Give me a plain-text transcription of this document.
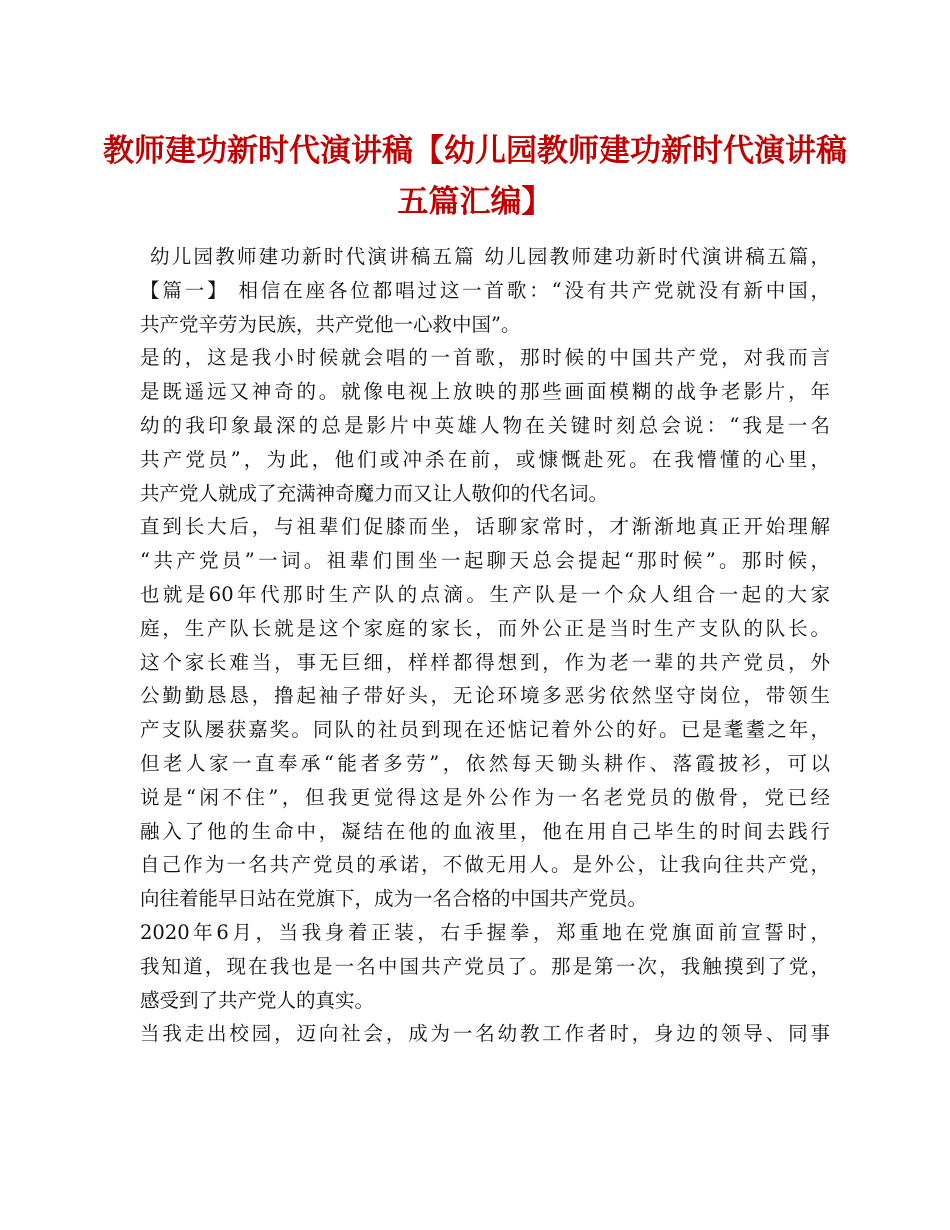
教师建功新时代演讲稿【幼儿园教师建功新时代演讲稿
五篇汇编】
幼儿园教师建功新时代演讲稿五篇 幼儿园教师建功新时代演讲稿五篇，
【篇一】 相信在座各位都唱过这一首歌：“没有共产党就没有新中国，
共产党辛劳为民族，共产党他一心救中国”。
是的，这是我小时候就会唱的一首歌，那时候的中国共产党，对我而言
是既遥远又神奇的。就像电视上放映的那些画面模糊的战争老影片，年
幼的我印象最深的总是影片中英雄人物在关键时刻总会说：“我是一名
共产党员”，为此，他们或冲杀在前，或慷慨赴死。在我懵懂的心里，
共产党人就成了充满神奇魔力而又让人敬仰的代名词。
直到长大后，与祖辈们促膝而坐，话聊家常时，才渐渐地真正开始理解
“共产党员”一词。祖辈们围坐一起聊天总会提起“那时候”。那时候，
也就是60年代那时生产队的点滴。生产队是一个众人组合一起的大家
庭，生产队长就是这个家庭的家长，而外公正是当时生产支队的队长。
这个家长难当，事无巨细，样样都得想到，作为老一辈的共产党员，外
公勤勤恳恳，撸起袖子带好头，无论环境多恶劣依然坚守岗位，带领生
产支队屡获嘉奖。同队的社员到现在还惦记着外公的好。已是耄耋之年，
但老人家一直奉承“能者多劳”，依然每天锄头耕作、落霞披衫，可以
说是“闲不住”，但我更觉得这是外公作为一名老党员的傲骨，党已经
融入了他的生命中，凝结在他的血液里，他在用自己毕生的时间去践行
自己作为一名共产党员的承诺，不做无用人。是外公，让我向往共产党，
向往着能早日站在党旗下，成为一名合格的中国共产党员。
2020年6月，当我身着正装，右手握拳，郑重地在党旗面前宣誓时，
我知道，现在我也是一名中国共产党员了。那是第一次，我触摸到了党，
感受到了共产党人的真实。
当我走出校园，迈向社会，成为一名幼教工作者时，身边的领导、同事
